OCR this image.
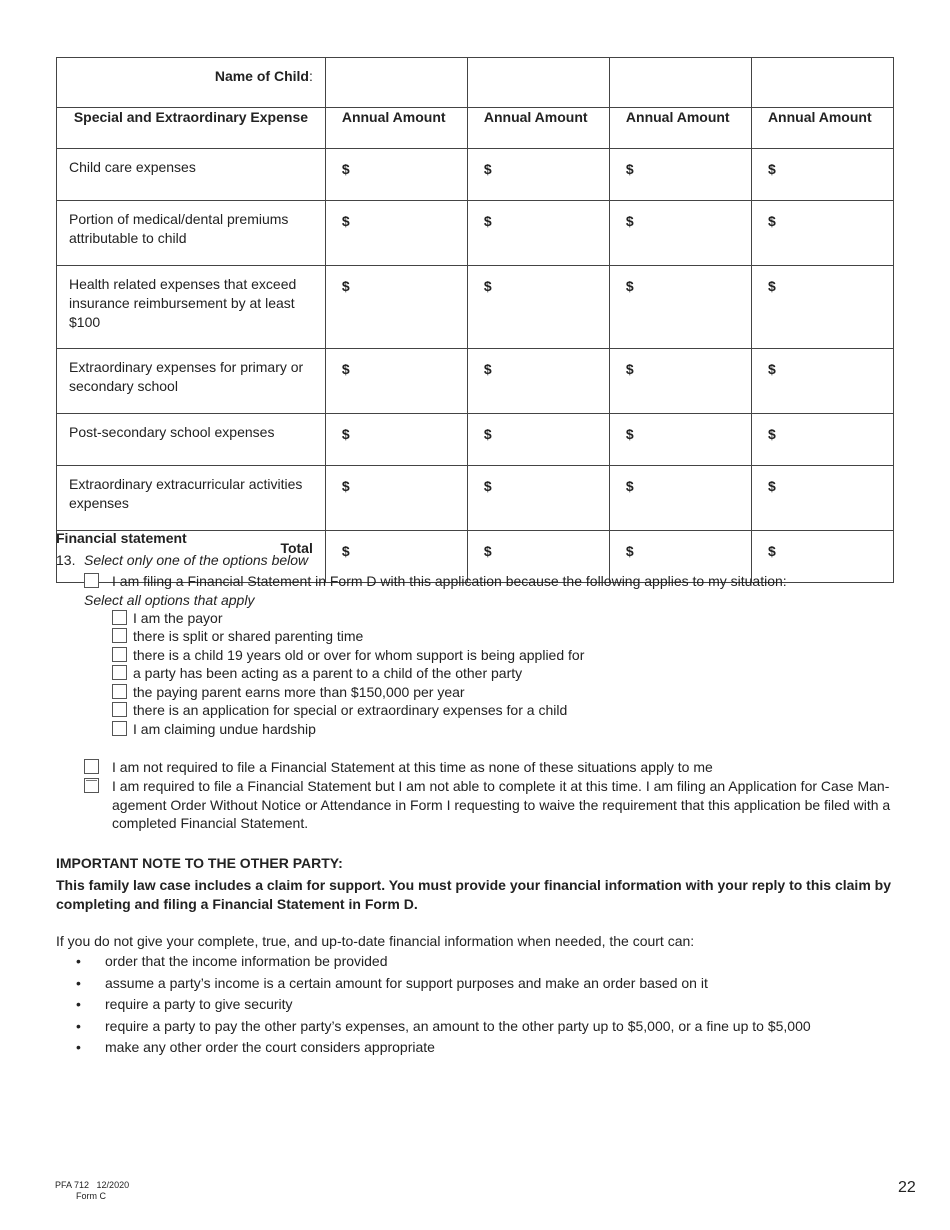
Name of Child:				
Special and Extraordinary Expense	Annual Amount	Annual Amount	Annual Amount	Annual Amount
Child care expenses	$	$	$	$
Portion of medical/dental premiums attributable to child	$	$	$	$
Health related expenses that exceed insurance reimbursement by at least $100	$	$	$	$
Extraordinary expenses for primary or secondary school	$	$	$	$
Post-secondary school expenses	$	$	$	$
Extraordinary extracurricular activities expenses	$	$	$	$
Total	$	$	$	$
Financial statement
13. Select only one of the options below
I am filing a Financial Statement in Form D with this application because the following applies to my situation:
Select all options that apply
I am the payor
there is split or shared parenting time
there is a child 19 years old or over for whom support is being applied for
a party has been acting as a parent to a child of the other party
the paying parent earns more than $150,000 per year
there is an application for special or extraordinary expenses for a child
I am claiming undue hardship
I am not required to file a Financial Statement at this time as none of these situations apply to me
I am required to file a Financial Statement but I am not able to complete it at this time. I am filing an Application for Case Man-
agement Order Without Notice or Attendance in Form I requesting to waive the requirement that this application be filed with a
completed Financial Statement.
IMPORTANT NOTE TO THE OTHER PARTY:
This family law case includes a claim for support. You must provide your financial information with your reply to this claim by
completing and filing a Financial Statement in Form D.
If you do not give your complete, true, and up-to-date financial information when needed, the court can:
• order that the income information be provided
• assume a party’s income is a certain amount for support purposes and make an order based on it
• require a party to give security
• require a party to pay the other party’s expenses, an amount to the other party up to $5,000, or a fine up to $5,000
• make any other order the court considers appropriate
PFA 712 12/2020
Form C	22
